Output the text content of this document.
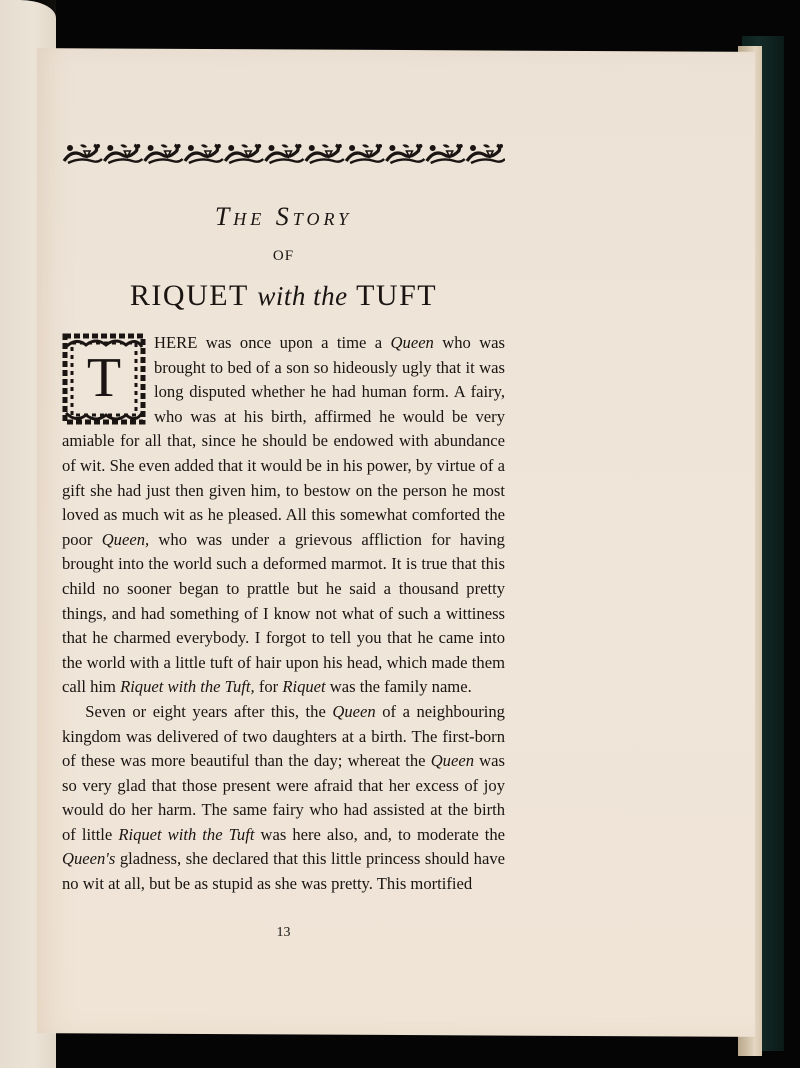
The Story
OF
RIQUET with the TUFT
T

HERE was once upon a time a Queen who was brought to bed of a son so hideously ugly that it was long disputed whether he had human form. A fairy, who was at his birth, affirmed he would be very amiable for all that, since he should be endowed with abundance of wit. She even added that it would be in his power, by virtue of a gift she had just then given him, to bestow on the person he most loved as much wit as he pleased. All this somewhat comforted the poor Queen, who was under a grievous affliction for having brought into the world such a deformed marmot. It is true that this child no sooner began to prattle but he said a thousand pretty things, and had something of I know not what of such a wittiness that he charmed everybody. I forgot to tell you that he came into the world with a little tuft of hair upon his head, which made them call him Riquet with the Tuft, for Riquet was the family name.

Seven or eight years after this, the Queen of a neighbouring kingdom was delivered of two daughters at a birth. The first-born of these was more beautiful than the day; whereat the Queen was so very glad that those present were afraid that her excess of joy would do her harm. The same fairy who had assisted at the birth of little Riquet with the Tuft was here also, and, to moderate the Queen's gladness, she declared that this little princess should have no wit at all, but be as stupid as she was pretty. This mortified

13
